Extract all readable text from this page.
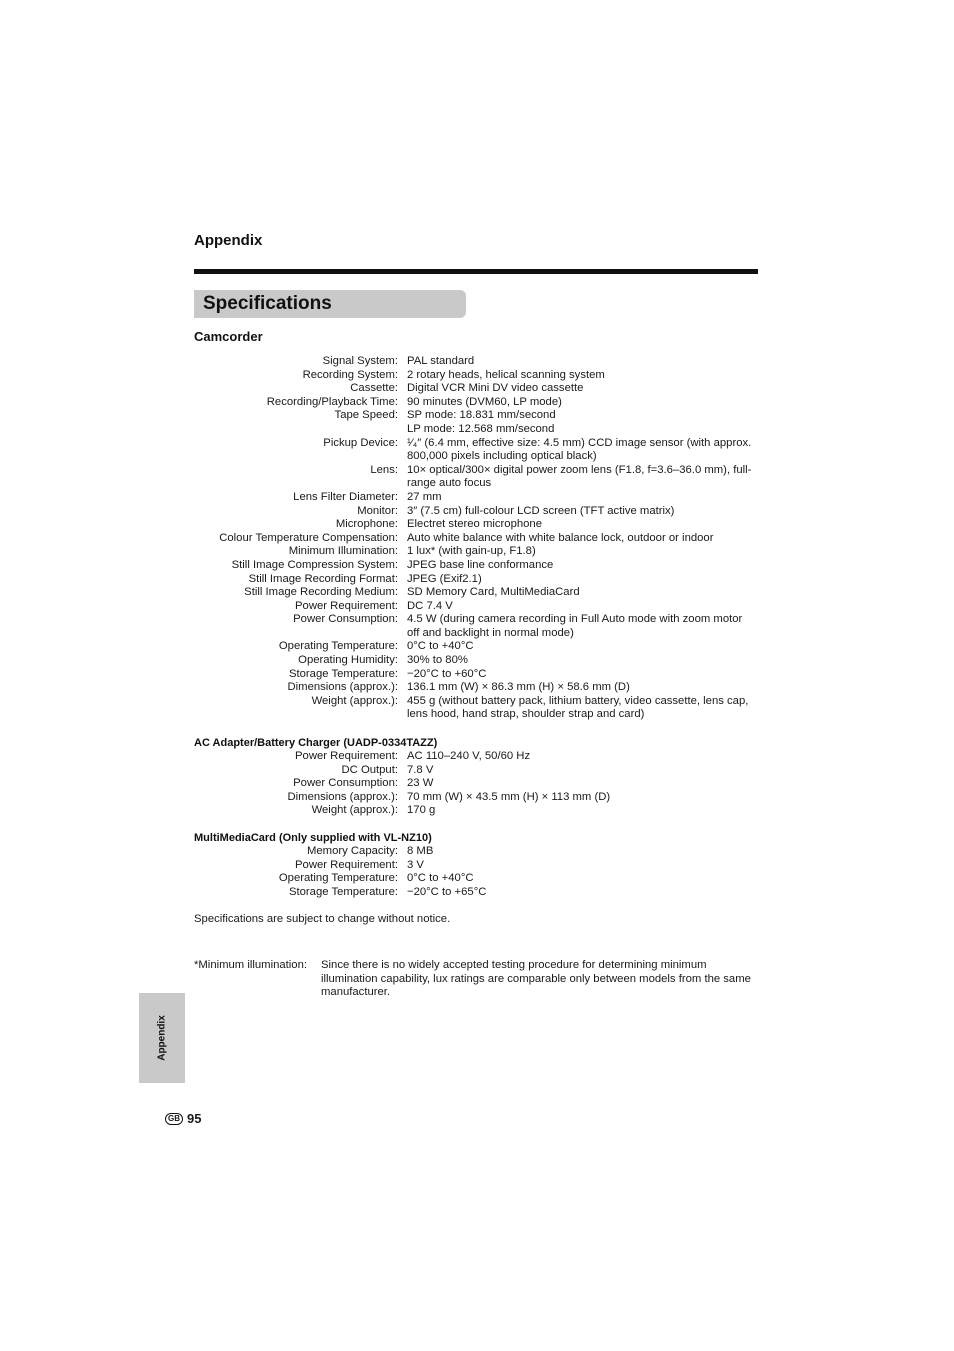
Appendix
Specifications
Camcorder
Signal System: PAL standard
Recording System: 2 rotary heads, helical scanning system
Cassette: Digital VCR Mini DV video cassette
Recording/Playback Time: 90 minutes (DVM60, LP mode)
Tape Speed: SP mode: 18.831 mm/second
LP mode: 12.568 mm/second
Pickup Device: ¹⁄₄″ (6.4 mm, effective size: 4.5 mm) CCD image sensor (with approx. 800,000 pixels including optical black)
Lens: 10× optical/300× digital power zoom lens (F1.8, f=3.6–36.0 mm), full-range auto focus
Lens Filter Diameter: 27 mm
Monitor: 3″ (7.5 cm) full-colour LCD screen (TFT active matrix)
Microphone: Electret stereo microphone
Colour Temperature Compensation: Auto white balance with white balance lock, outdoor or indoor
Minimum Illumination: 1 lux* (with gain-up, F1.8)
Still Image Compression System: JPEG base line conformance
Still Image Recording Format: JPEG (Exif2.1)
Still Image Recording Medium: SD Memory Card, MultiMediaCard
Power Requirement: DC 7.4 V
Power Consumption: 4.5 W (during camera recording in Full Auto mode with zoom motor off and backlight in normal mode)
Operating Temperature: 0°C to +40°C
Operating Humidity: 30% to 80%
Storage Temperature: −20°C to +60°C
Dimensions (approx.): 136.1 mm (W) × 86.3 mm (H) × 58.6 mm (D)
Weight (approx.): 455 g (without battery pack, lithium battery, video cassette, lens cap, lens hood, hand strap, shoulder strap and card)
AC Adapter/Battery Charger (UADP-0334TAZZ)
Power Requirement: AC 110–240 V, 50/60 Hz
DC Output: 7.8 V
Power Consumption: 23 W
Dimensions (approx.): 70 mm (W) × 43.5 mm (H) × 113 mm (D)
Weight (approx.): 170 g
MultiMediaCard (Only supplied with VL-NZ10)
Memory Capacity: 8 MB
Power Requirement: 3 V
Operating Temperature: 0°C to +40°C
Storage Temperature: −20°C to +65°C
Specifications are subject to change without notice.
*Minimum illumination: Since there is no widely accepted testing procedure for determining minimum illumination capability, lux ratings are comparable only between models from the same manufacturer.
Appendix
GB 95
